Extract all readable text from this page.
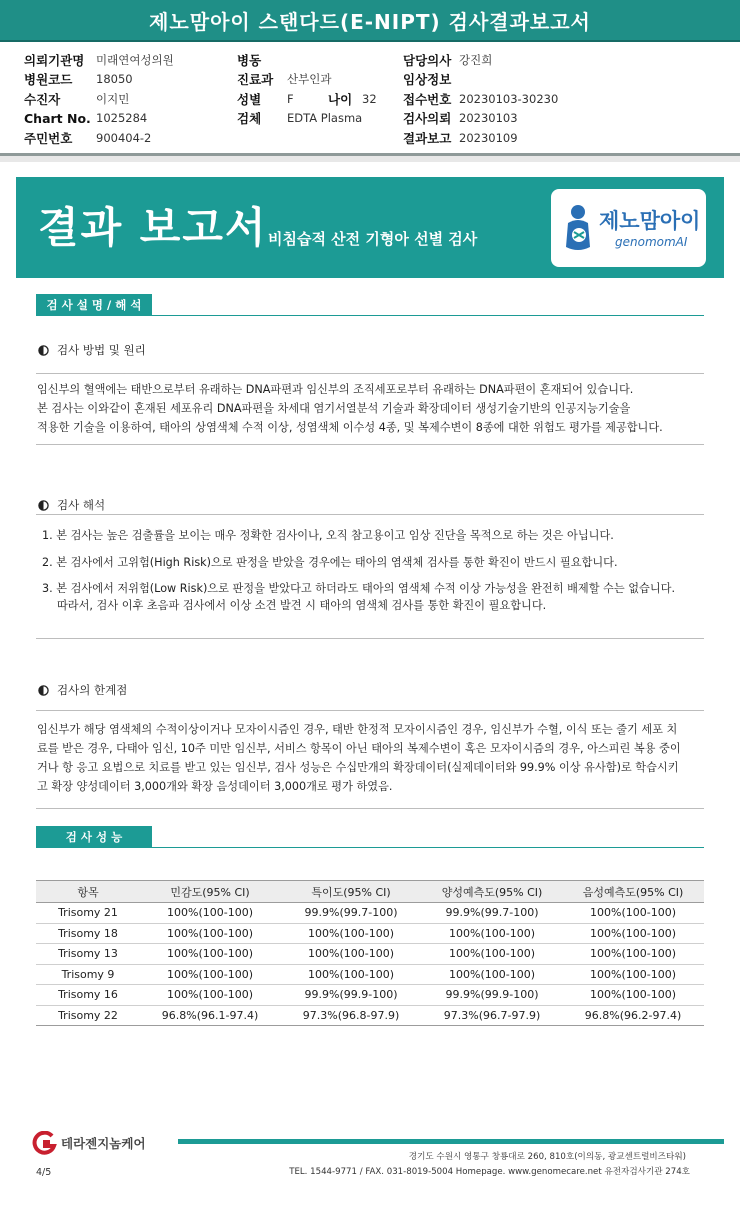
제노맘아이 스탠다드(E-NIPT) 검사결과보고서
의뢰기관명	미래연여성의원
병원코드	18050
수진자	이지민
Chart No. 1025284
주민번호	900404-2
병동
진료과	산부인과
성별	F	나이 32
검체	EDTA Plasma
담당의사 강진희
임상정보
접수번호 20230103-30230
검사의뢰 20230103
결과보고 20230109
결과 보고서 비침습적 산전 기형아 선별 검사
제노맘아이
genomomAI
검 사 설 명 / 해 석
검사 방법 및 원리

임신부의 혈액에는 태반으로부터 유래하는 DNA파편과 임신부의 조직세포로부터 유래하는 DNA파편이 혼재되어 있습니다.

본 검사는 이와같이 혼재된 세포유리 DNA파편을 차세대 염기서열분석 기술과 확장데이터 생성기술기반의 인공지능기술을

적용한 기술을 이용하여, 태아의 상염색체 수적 이상, 성염색체 이수성 4종, 및 복제수변이 8종에 대한 위험도 평가를 제공합니다.

검사 해석
1. 본 검사는 높은 검출률을 보이는 매우 정확한 검사이나, 오직 참고용이고 임상 진단을 목적으로 하는 것은 아닙니다.
2. 본 검사에서 고위험(High Risk)으로 판정을 받았을 경우에는 태아의 염색체 검사를 통한 확진이 반드시 필요합니다.
3. 본 검사에서 저위험(Low Risk)으로 판정을 받았다고 하더라도 태아의 염색체 수적 이상 가능성을 완전히 배제할 수는 없습니다.
따라서, 검사 이후 초음파 검사에서 이상 소견 발견 시 태아의 염색체 검사를 통한 확진이 필요합니다.
검사의 한계점

임신부가 해당 염색체의 수적이상이거나 모자이시즘인 경우, 태반 한정적 모자이시즘인 경우, 임신부가 수혈, 이식 또는 줄기 세포 치

료를 받은 경우, 다태아 임신, 10주 미만 임신부, 서비스 항목이 아닌 태아의 복제수변이 혹은 모자이시즘의 경우, 아스피린 복용 중이

거나 항 응고 요법으로 치료를 받고 있는 임신부, 검사 성능은 수십만개의 확장데이터(실제데이터와 99.9% 이상 유사함)로 학습시키

고 확장 양성데이터 3,000개와 확장 음성데이터 3,000개로 평가 하였음.

검 사 성 능
항목	민감도(95% CI)	특이도(95% CI)	양성예측도(95% CI)	음성예측도(95% CI)
Trisomy 21	100%(100-100)	99.9%(99.7-100)	99.9%(99.7-100)	100%(100-100)
Trisomy 18	100%(100-100)	100%(100-100)	100%(100-100)	100%(100-100)
Trisomy 13	100%(100-100)	100%(100-100)	100%(100-100)	100%(100-100)
Trisomy 9	100%(100-100)	100%(100-100)	100%(100-100)	100%(100-100)
Trisomy 16	100%(100-100)	99.9%(99.9-100)	99.9%(99.9-100)	100%(100-100)
Trisomy 22	96.8%(96.1-97.4)	97.3%(96.8-97.9)	97.3%(96.7-97.9)	96.8%(96.2-97.4)
테라젠지놈케어
경기도 수원시 영통구 창룡대로 260, 810호(이의동, 광교센트럴비즈타워)
TEL. 1544-9771 / FAX. 031-8019-5004 Homepage. www.genomecare.net 유전자검사기관 274호
4/5
